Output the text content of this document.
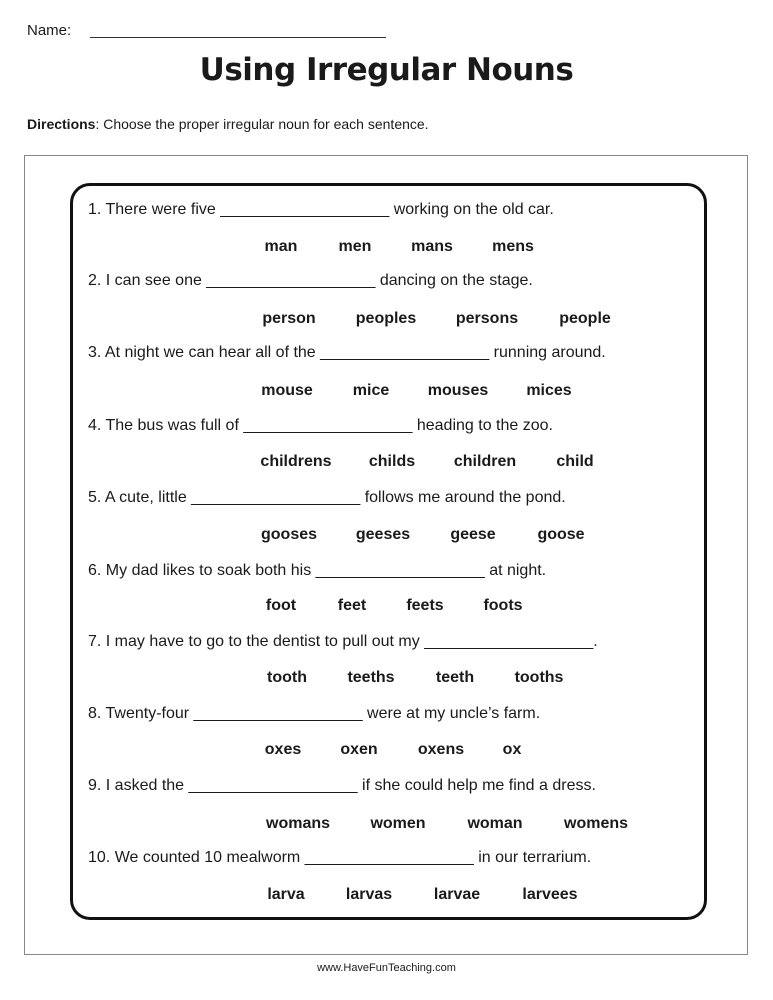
Name:
Using Irregular Nouns
Directions: Choose the proper irregular noun for each sentence.
1. There were five ___________________ working on the old car.
man	men mans mens
2. I can see one ___________________ dancing on the stage.
person	peoples persons	people
3. At night we can hear all of the ___________________ running around.
mouse mice mouses mices
4. The bus was full of ___________________ heading to the zoo.
childrens childs children	child
5. A cute, little ___________________ follows me around the pond.
gooses geeses	geese	goose
6. My dad likes to soak both his ___________________ at night.
foot	feet	feets foots
7. I may have to go to the dentist to pull out my ___________________.
tooth	teeths	teeth	tooths
8. Twenty-four ___________________ were at my uncle’s farm.
oxes oxen	oxens ox
9. I asked the ___________________ if she could help me find a dress.
womans	women	woman	womens
10. We counted 10 mealworm ___________________ in our terrarium.
larva	larvas	larvae	larvees
www.HaveFunTeaching.com
